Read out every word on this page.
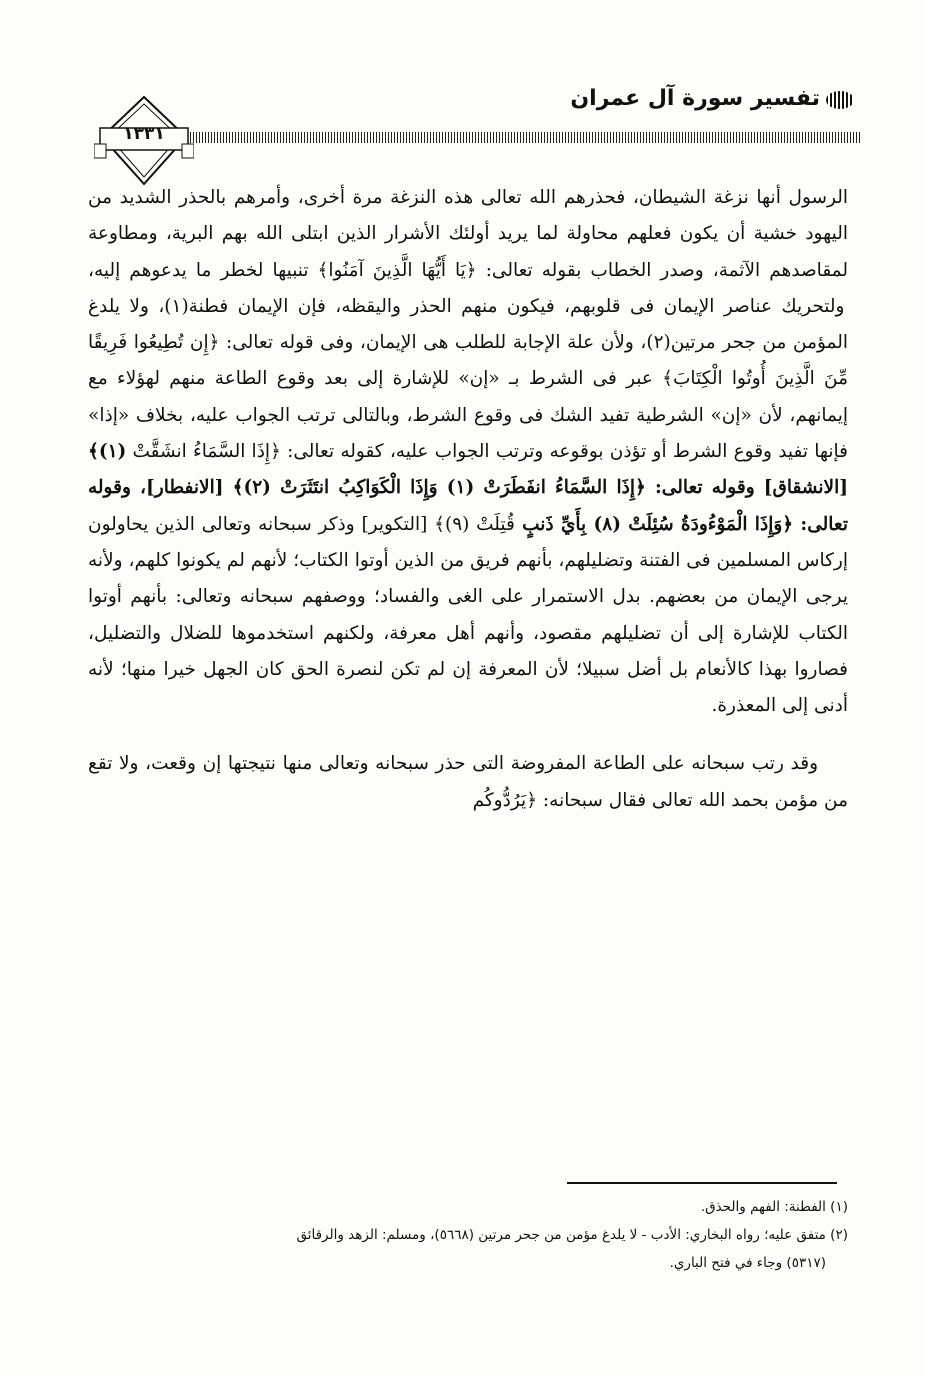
تفسير سورة آل عمران
١٣٣١

الرسول أنها نزغة الشيطان، فحذرهم الله تعالى هذه النزغة مرة أخرى، وأمرهم بالحذر الشديد من اليهود خشية أن يكون فعلهم محاولة لما يريد أولئك الأشرار الذين ابتلى الله بهم البرية، ومطاوعة لمقاصدهم الآثمة، وصدر الخطاب بقوله تعالى: ﴿يَا أَيُّهَا الَّذِينَ آمَنُوا﴾ تنبيها لخطر ما يدعوهم إليه، ولتحريك عناصر الإيمان فى قلوبهم، فيكون منهم الحذر واليقظه، فإن الإيمان فطنة(١)، ولا يلدغ المؤمن من جحر مرتين(٢)، ولأن علة الإجابة للطلب هى الإيمان، وفى قوله تعالى: ﴿إِن تُطِيعُوا فَرِيقًا مِّنَ الَّذِينَ أُوتُوا الْكِتَابَ﴾ عبر فى الشرط بـ «إن» للإشارة إلى بعد وقوع الطاعة منهم لهؤلاء مع إيمانهم، لأن «إن» الشرطية تفيد الشك فى وقوع الشرط، وبالتالى ترتب الجواب عليه، بخلاف «إذا» فإنها تفيد وقوع الشرط أو تؤذن بوقوعه وترتب الجواب عليه، كقوله تعالى: ﴿إِذَا السَّمَاءُ انشَقَّتْ (١)﴾ [الانشقاق] وقوله تعالى: ﴿إِذَا السَّمَاءُ انفَطَرَتْ (١) وَإِذَا الْكَوَاكِبُ انتَثَرَتْ (٢)﴾ [الانفطار]، وقوله تعالى: ﴿وَإِذَا الْمَوْءُودَةُ سُئِلَتْ (٨) بِأَيِّ ذَنبٍ قُتِلَتْ (٩)﴾ [التكوير] وذكر سبحانه وتعالى الذين يحاولون إركاس المسلمين فى الفتنة وتضليلهم، بأنهم فريق من الذين أوتوا الكتاب؛ لأنهم لم يكونوا كلهم، ولأنه يرجى الإيمان من بعضهم. بدل الاستمرار على الغى والفساد؛ ووصفهم سبحانه وتعالى: بأنهم أوتوا الكتاب للإشارة إلى أن تضليلهم مقصود، وأنهم أهل معرفة، ولكنهم استخدموها للضلال والتضليل، فصاروا بهذا كالأنعام بل أضل سبيلا؛ لأن المعرفة إن لم تكن لنصرة الحق كان الجهل خيرا منها؛ لأنه أدنى إلى المعذرة.

وقد رتب سبحانه على الطاعة المفروضة التى حذر سبحانه وتعالى منها نتيجتها إن وقعت، ولا تقع من مؤمن بحمد الله تعالى فقال سبحانه: ﴿يَرُدُّوكُم

(١) الفطنة: الفهم والحذق.

(٢) متفق عليه؛ رواه البخاري: الأدب - لا يلدغ مؤمن من جحر مرتين (٥٦٦٨)، ومسلم: الزهد والرقائق

(٥٣١٧) وجاء في فتح الباري.
